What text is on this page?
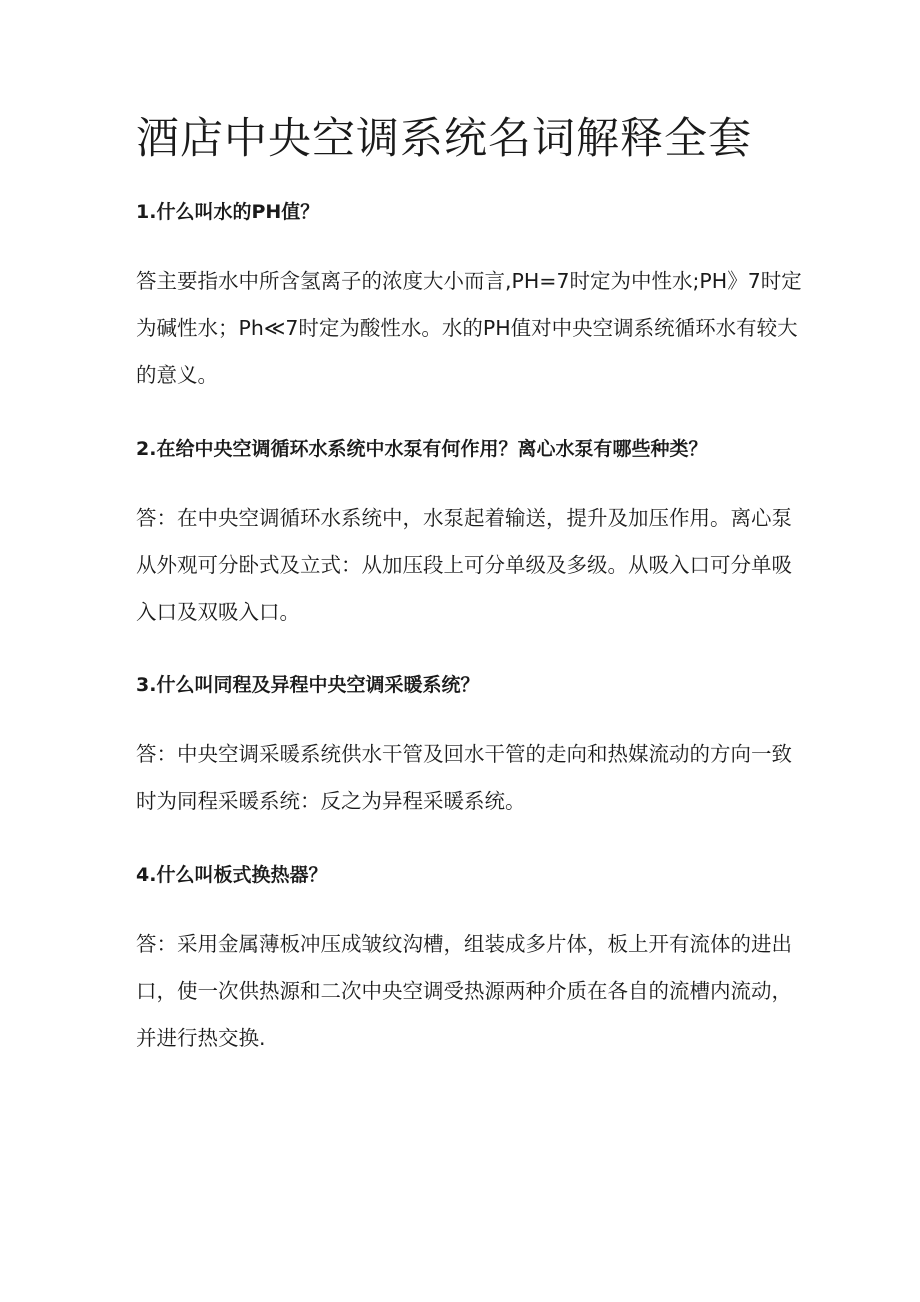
酒店中央空调系统名词解释全套
1.什么叫水的PH值？

答主要指水中所含氢离子的浓度大小而言,PH=7时定为中性水;PH》7时定
为碱性水；Ph≪7时定为酸性水。水的PH值对中央空调系统循环水有较大
的意义。

2.在给中央空调循环水系统中水泵有何作用？离心水泵有哪些种类？

答：在中央空调循环水系统中，水泵起着输送，提升及加压作用。离心泵
从外观可分卧式及立式：从加压段上可分单级及多级。从吸入口可分单吸
入口及双吸入口。

3.什么叫同程及异程中央空调采暖系统？

答：中央空调采暖系统供水干管及回水干管的走向和热媒流动的方向一致
时为同程采暖系统：反之为异程采暖系统。

4.什么叫板式换热器？

答：采用金属薄板冲压成皱纹沟槽，组装成多片体，板上开有流体的进出
口，使一次供热源和二次中央空调受热源两种介质在各自的流槽内流动，
并进行热交换.
